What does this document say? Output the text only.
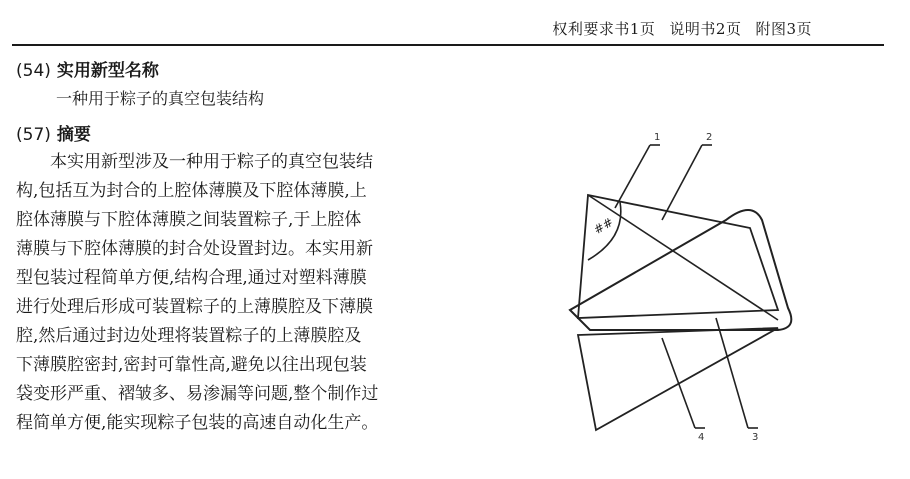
权利要求书1页 说明书2页 附图3页
(54) 实用新型名称
一种用于粽子的真空包装结构
(57) 摘要
本实用新型涉及一种用于粽子的真空包装结
构,包括互为封合的上腔体薄膜及下腔体薄膜,上
腔体薄膜与下腔体薄膜之间装置粽子,于上腔体
薄膜与下腔体薄膜的封合处设置封边。本实用新
型包装过程简单方便,结构合理,通过对塑料薄膜
进行处理后形成可装置粽子的上薄膜腔及下薄膜
腔,然后通过封边处理将装置粽子的上薄膜腔及
下薄膜腔密封,密封可靠性高,避免以往出现包装
袋变形严重、褶皱多、易渗漏等问题,整个制作过
程简单方便,能实现粽子包装的高速自动化生产。
1	2
4	3
##
